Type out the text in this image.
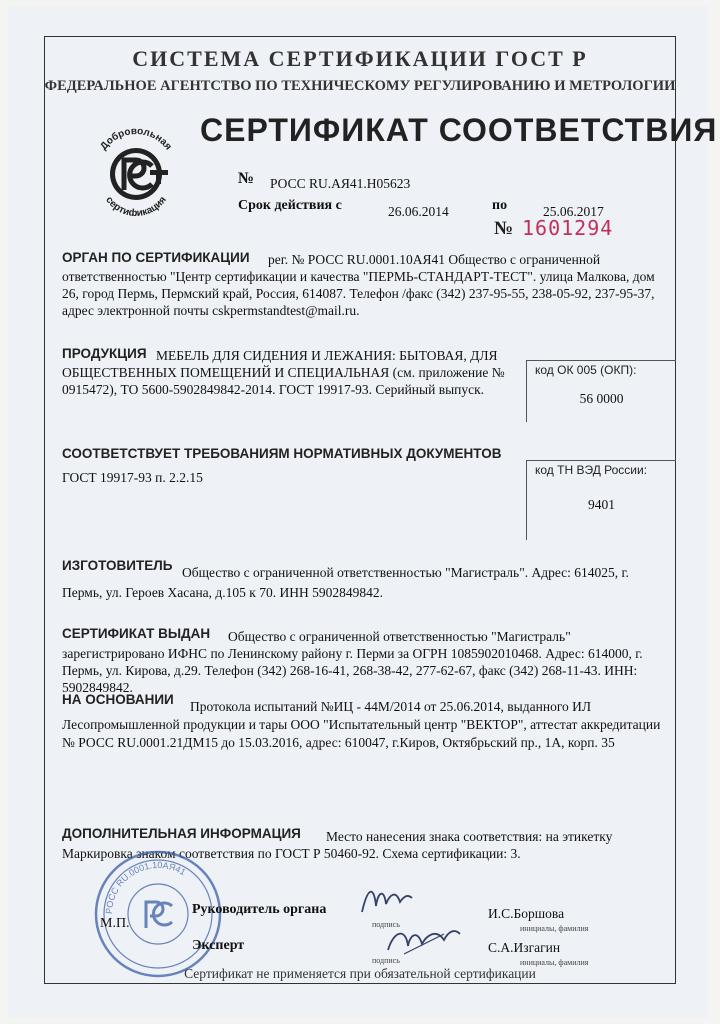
СИСТЕМА СЕРТИФИКАЦИИ ГОСТ Р
ФЕДЕРАЛЬНОЕ АГЕНТСТВО ПО ТЕХНИЧЕСКОМУ РЕГУЛИРОВАНИЮ И МЕТРОЛОГИИ
Добровольная
сертификация
СЕРТИФИКАТ СООТВЕТСТВИЯ
№ РОСС RU.АЯ41.Н05623
Срок действия с	26.06.2014	по	25.06.2017
№ 1601294
ОРГАН ПО СЕРТИФИКАЦИИ	рег. № РОСС RU.0001.10АЯ41 Общество с ограниченной ответственностью "Центр сертификации и качества "ПЕРМЬ-СТАНДАРТ-ТЕСТ". улица Малкова, дом 26, город Пермь, Пермский край, Россия, 614087. Телефон /факс (342) 237-95-55, 238-05-92, 237-95-37, адрес электронной почты cskpermstandtest@mail.ru.
ПРОДУКЦИЯ МЕБЕЛЬ ДЛЯ СИДЕНИЯ И ЛЕЖАНИЯ: БЫТОВАЯ, ДЛЯ ОБЩЕСТВЕННЫХ ПОМЕЩЕНИЙ И СПЕЦИАЛЬНАЯ (см. приложение № 0915472), ТО 5600-5902849842-2014. ГОСТ 19917-93. Серийный выпуск.
код ОК 005 (ОКП):
56 0000
СООТВЕТСТВУЕТ ТРЕБОВАНИЯМ НОРМАТИВНЫХ ДОКУМЕНТОВ
ГОСТ 19917-93 п. 2.2.15	код ТН ВЭД России:
9401
ИЗГОТОВИТЕЛЬ Общество с ограниченной ответственностью "Магистраль". Адрес: 614025, г. Пермь, ул. Героев Хасана, д.105 к 70. ИНН 5902849842.
СЕРТИФИКАТ ВЫДАН	Общество с ограниченной ответственностью "Магистраль" зарегистрировано ИФНС по Ленинскому району г. Перми за ОГРН 1085902010468. Адрес: 614000, г. Пермь, ул. Кирова, д.29. Телефон (342) 268-16-41, 268-38-42, 277-62-67, факс (342) 268-11-43. ИНН: 5902849842.
НА ОСНОВАНИИ	Протокола испытаний №ИЦ - 44М/2014 от 25.06.2014, выданного ИЛ Лесопромышленной продукции и тары ООО "Испытательный центр "ВЕКТОР", аттестат аккредитации № РОСС RU.0001.21ДМ15 до 15.03.2016, адрес: 610047, г.Киров, Октябрьский пр., 1А, корп. 35
ДОПОЛНИТЕЛЬНАЯ ИНФОРМАЦИЯ	Место нанесения знака соответствия: на этикетку Маркировка знаком соответствия по ГОСТ Р 50460-92. Схема сертификации: 3.
РОСС RU.0001.10АЯ41
М.П.
Руководитель органа
подпись
И.С.Боршова
инициалы, фамилия
Эксперт
подпись
С.А.Изгагин
инициалы, фамилия
Сертификат не применяется при обязательной сертификации
